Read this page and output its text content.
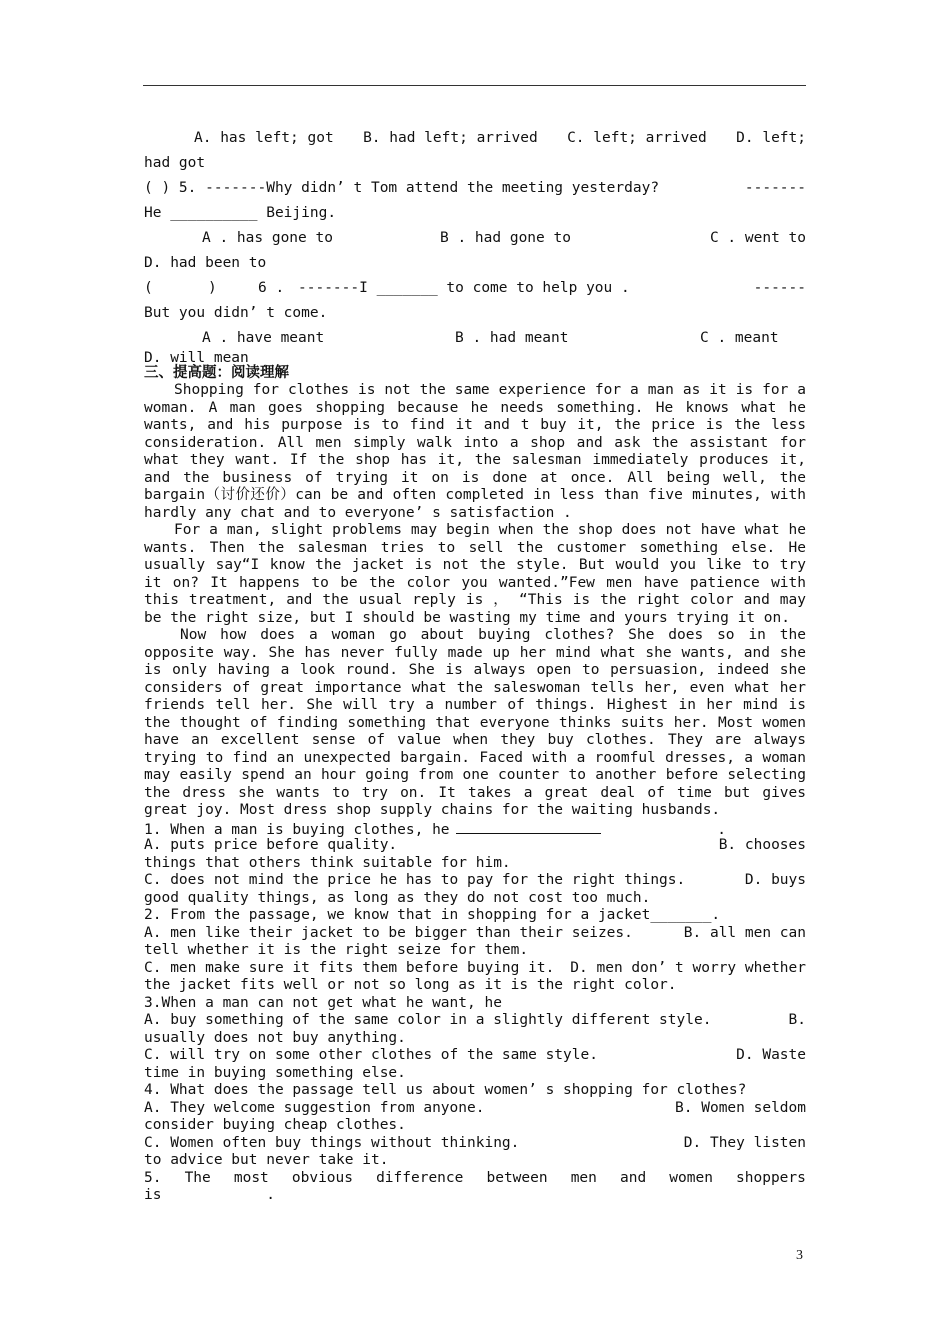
A. has left; got B. had left; arrived C. left; arrived D. left;
had got
( ) 5. -------Why didn’ t Tom attend the meeting yesterday?	-------
He __________ Beijing.
A . has gone to	B . had gone to	C . went to
D. had been to
(	)	6 . -------I _______ to come to help you .	------
But you didn’ t come.
A . have meant	B . had meant	C . meant
D. will mean
三、提高题：阅读理解
Shopping for clothes is not the same experience for a man as it is for a woman. A man goes shopping because he needs something. He knows what he wants, and his purpose is to find it and t buy it, the price is the less consideration. All men simply walk into a shop and ask the assistant for what they want. If the shop has it, the salesman immediately produces it, and the business of trying it on is done at once. All being well, the bargain（讨价还价）can be and often completed in less than five minutes, with hardly any chat and to everyone’ s satisfaction .
For a man, slight problems may begin when the shop does not have what he wants. Then the salesman tries to sell the customer something else. He usually say“I know the jacket is not the style. But would you like to try it on? It happens to be the color you wanted.”Few men have patience with this treatment, and the usual reply is ， “This is the right color and may be the right size, but I should be wasting my time and yours trying it on.
Now how does a woman go about buying clothes? She does so in the opposite way. She has never fully made up her mind what she wants, and she is only having a look round. She is always open to persuasion, indeed she considers of great importance what the saleswoman tells her, even what her friends tell her. She will try a number of things. Highest in her mind is the thought of finding something that everyone thinks suits her. Most women have an excellent sense of value when they buy clothes. They are always trying to find an unexpected bargain. Faced with a roomful dresses, a woman may easily spend an hour going from one counter to another before selecting the dress she wants to try on. It takes a great deal of time but gives great joy. Most dress shop supply chains for the waiting husbands.
1. When a man is buying clothes, he	.
A. puts price before quality.	B. chooses
things that others think suitable for him.
C. does not mind the price he has to pay for the right things.	D. buys
good quality things, as long as they do not cost too much.
2. From the passage, we know that in shopping for a jacket_______.
A. men like their jacket to be bigger than their seizes.	B. all men can
tell whether it is the right seize for them.
C. men make sure it fits them before buying it. D. men don’ t worry whether
the jacket fits well or not so long as it is the right color.
3.When a man can not get what he want, he
A. buy something of the same color in a slightly different style.	B.
usually does not buy anything.
C. will try on some other clothes of the same style.	D. Waste
time in buying something else.
4. What does the passage tell us about women’ s shopping for clothes?
A. They welcome suggestion from anyone.	B. Women seldom
consider buying cheap clothes.
C. Women often buy things without thinking.	D. They listen
to advice but never take it.
5. The most obvious difference between men and women shoppers
is            .
3
